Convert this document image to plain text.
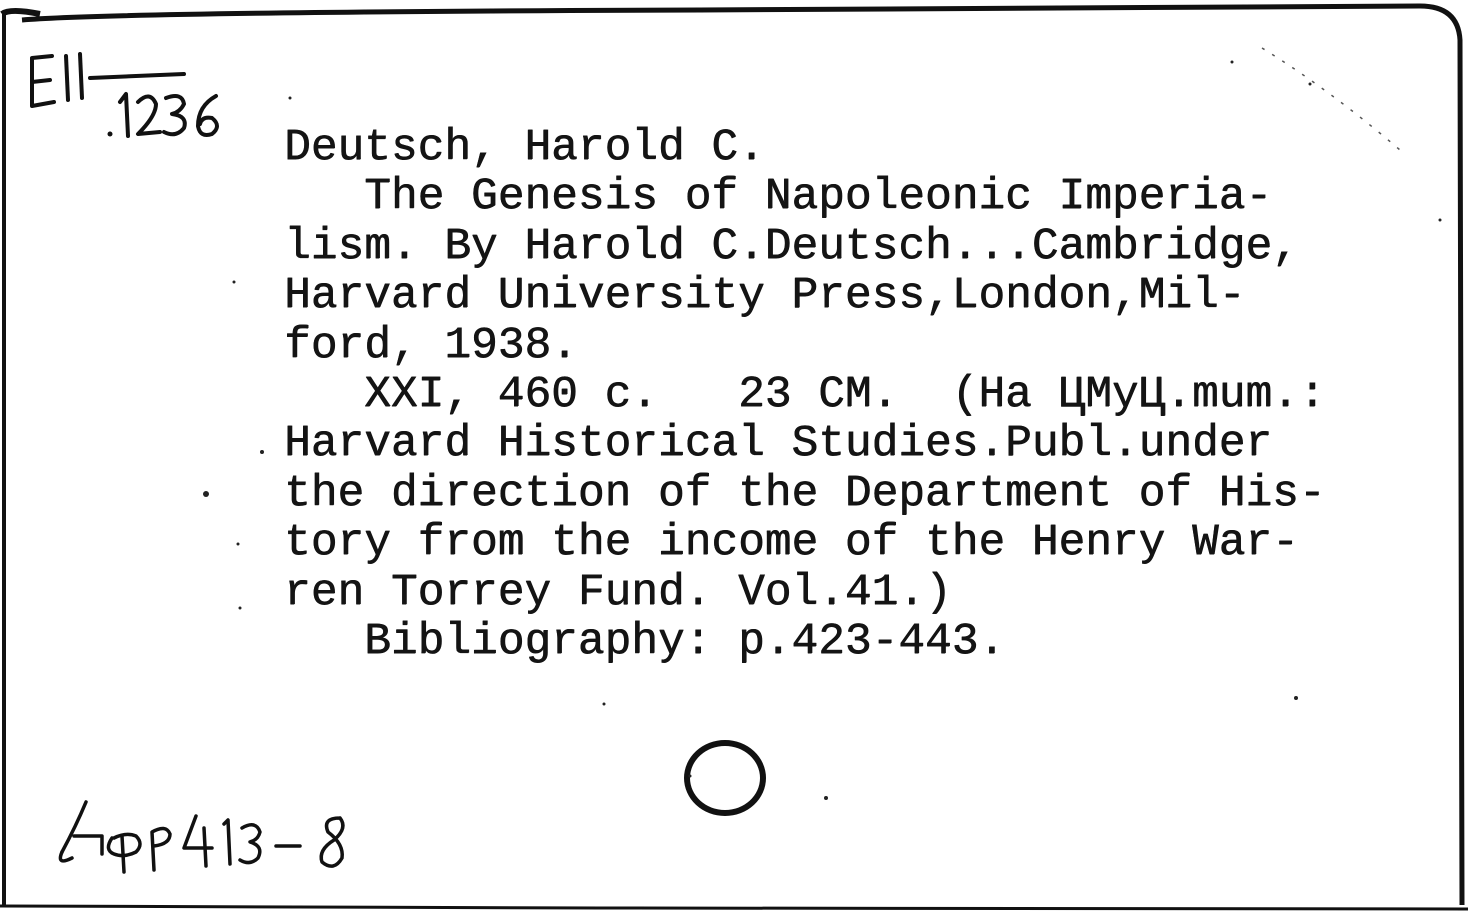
Deutsch, Harold C.
The Genesis of Napoleonic Imperia-
lism. By Harold C.Deutsch...Cambridge,
Harvard University Press,London,Mil-
ford, 1938.
XXI, 460 c.   23 CM.  (Ha ЦМуЦ.mum.:
Harvard Historical Studies.Publ.under
the direction of the Department of His-
tory from the income of the Henry War-
ren Torrey Fund. Vol.41.)
Bibliography: p.423-443.
